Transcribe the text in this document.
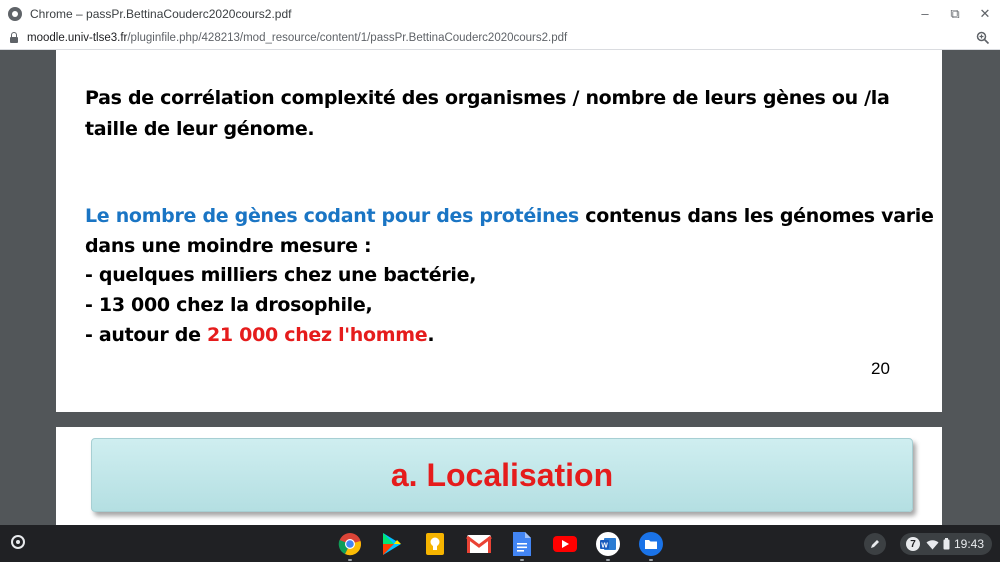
Chrome – passPr.BettinaCouderc2020cours2.pdf	–	⧉	✕
moodle.univ-tlse3.fr/pluginfile.php/428213/mod_resource/content/1/passPr.BettinaCouderc2020cours2.pdf
Pas de corrélation complexité des organismes / nombre de leurs gènes ou /la
taille de leur génome.
Le nombre de gènes codant pour des protéines contenus dans les génomes varie
dans une moindre mesure :
- quelques milliers chez une bactérie,
- 13 000 chez la drosophile,
- autour de 21 000 chez l'homme.
20
a. Localisation
W	7	19:43
